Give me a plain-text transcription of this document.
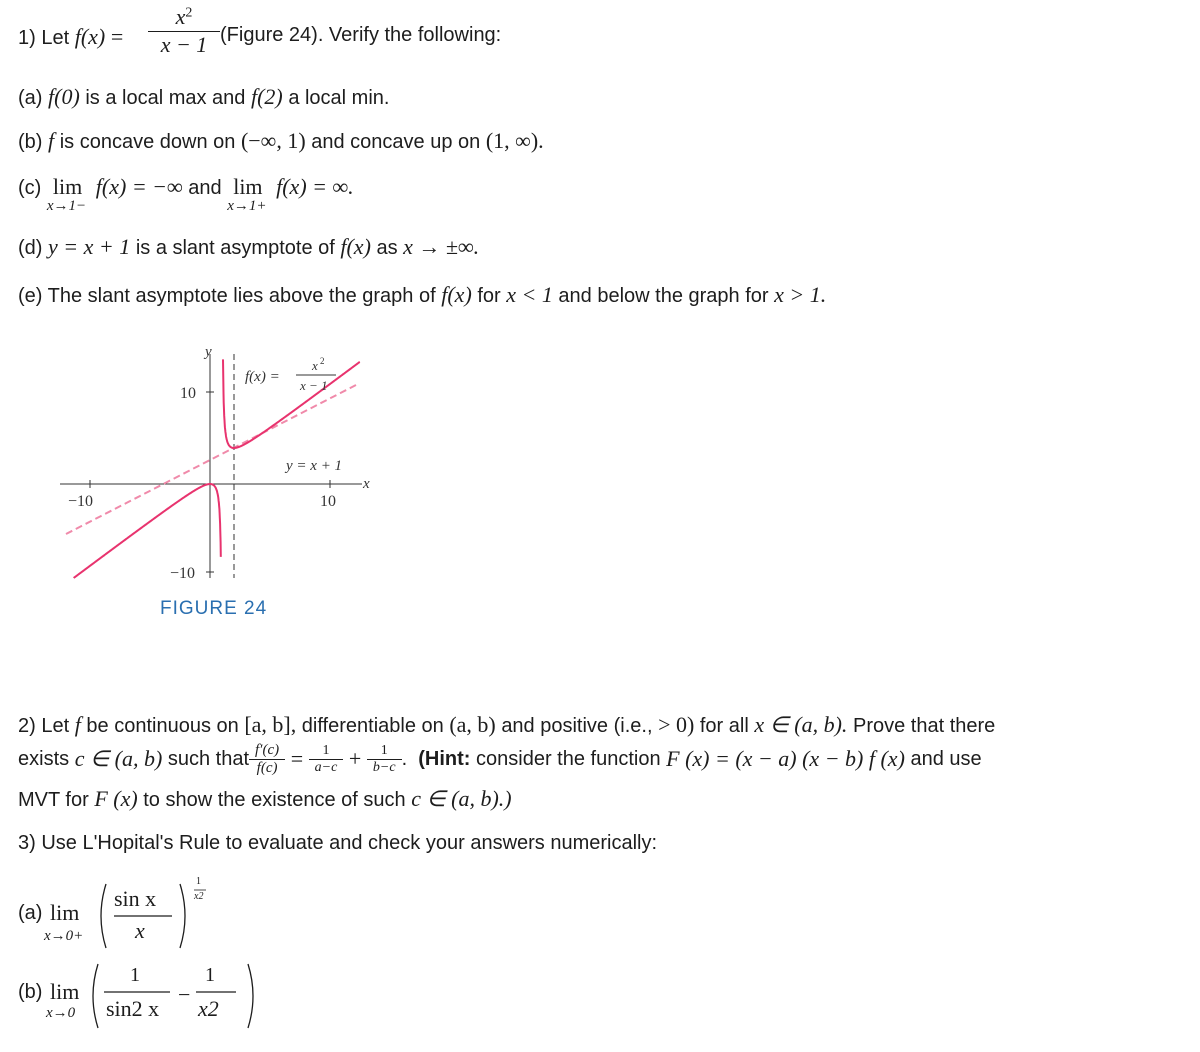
1) Let f(x) =
$x^2$
x − 1 (Figure 24). Verify the following:
(a) f(0) is a local max and f(2) a local min.
(b) f is concave down on (−∞, 1) and concave up on (1, ∞).
(c) lim
x→1−
f(x) = −∞ and lim
x→1+
f(x) = ∞.
(d) y = x + 1 is a slant asymptote of f(x) as x → ±∞.
(e) The slant asymptote lies above the graph of f(x) for x < 1 and below the graph for x > 1.
y
x
10
−10
10
−10
f(x) =
x 2
x − 1
y = x + 1
FIGURE 24
2) Let f be continuous on [a, b], differentiable on (a, b) and positive (i.e., > 0) for all x ∈ (a, b). Prove that there
exists
c ∈ (a, b)
such that $\frac{f'(c)}{f(c)}$
=
$\frac{1}{a-c}$
+
$\frac{1}{b-c}$ .
(Hint:
consider the function
F (x) = (x − a) (x − b) f (x)
and use
MVT for F (x) to show the existence of such c ∈ (a, b).)
3) Use L'Hopital's Rule to evaluate and check your answers numerically:
(a) lim
x→0+
sin x
x
1
x2
(b) lim
x→0
1
sin2 x
−
1
x2
